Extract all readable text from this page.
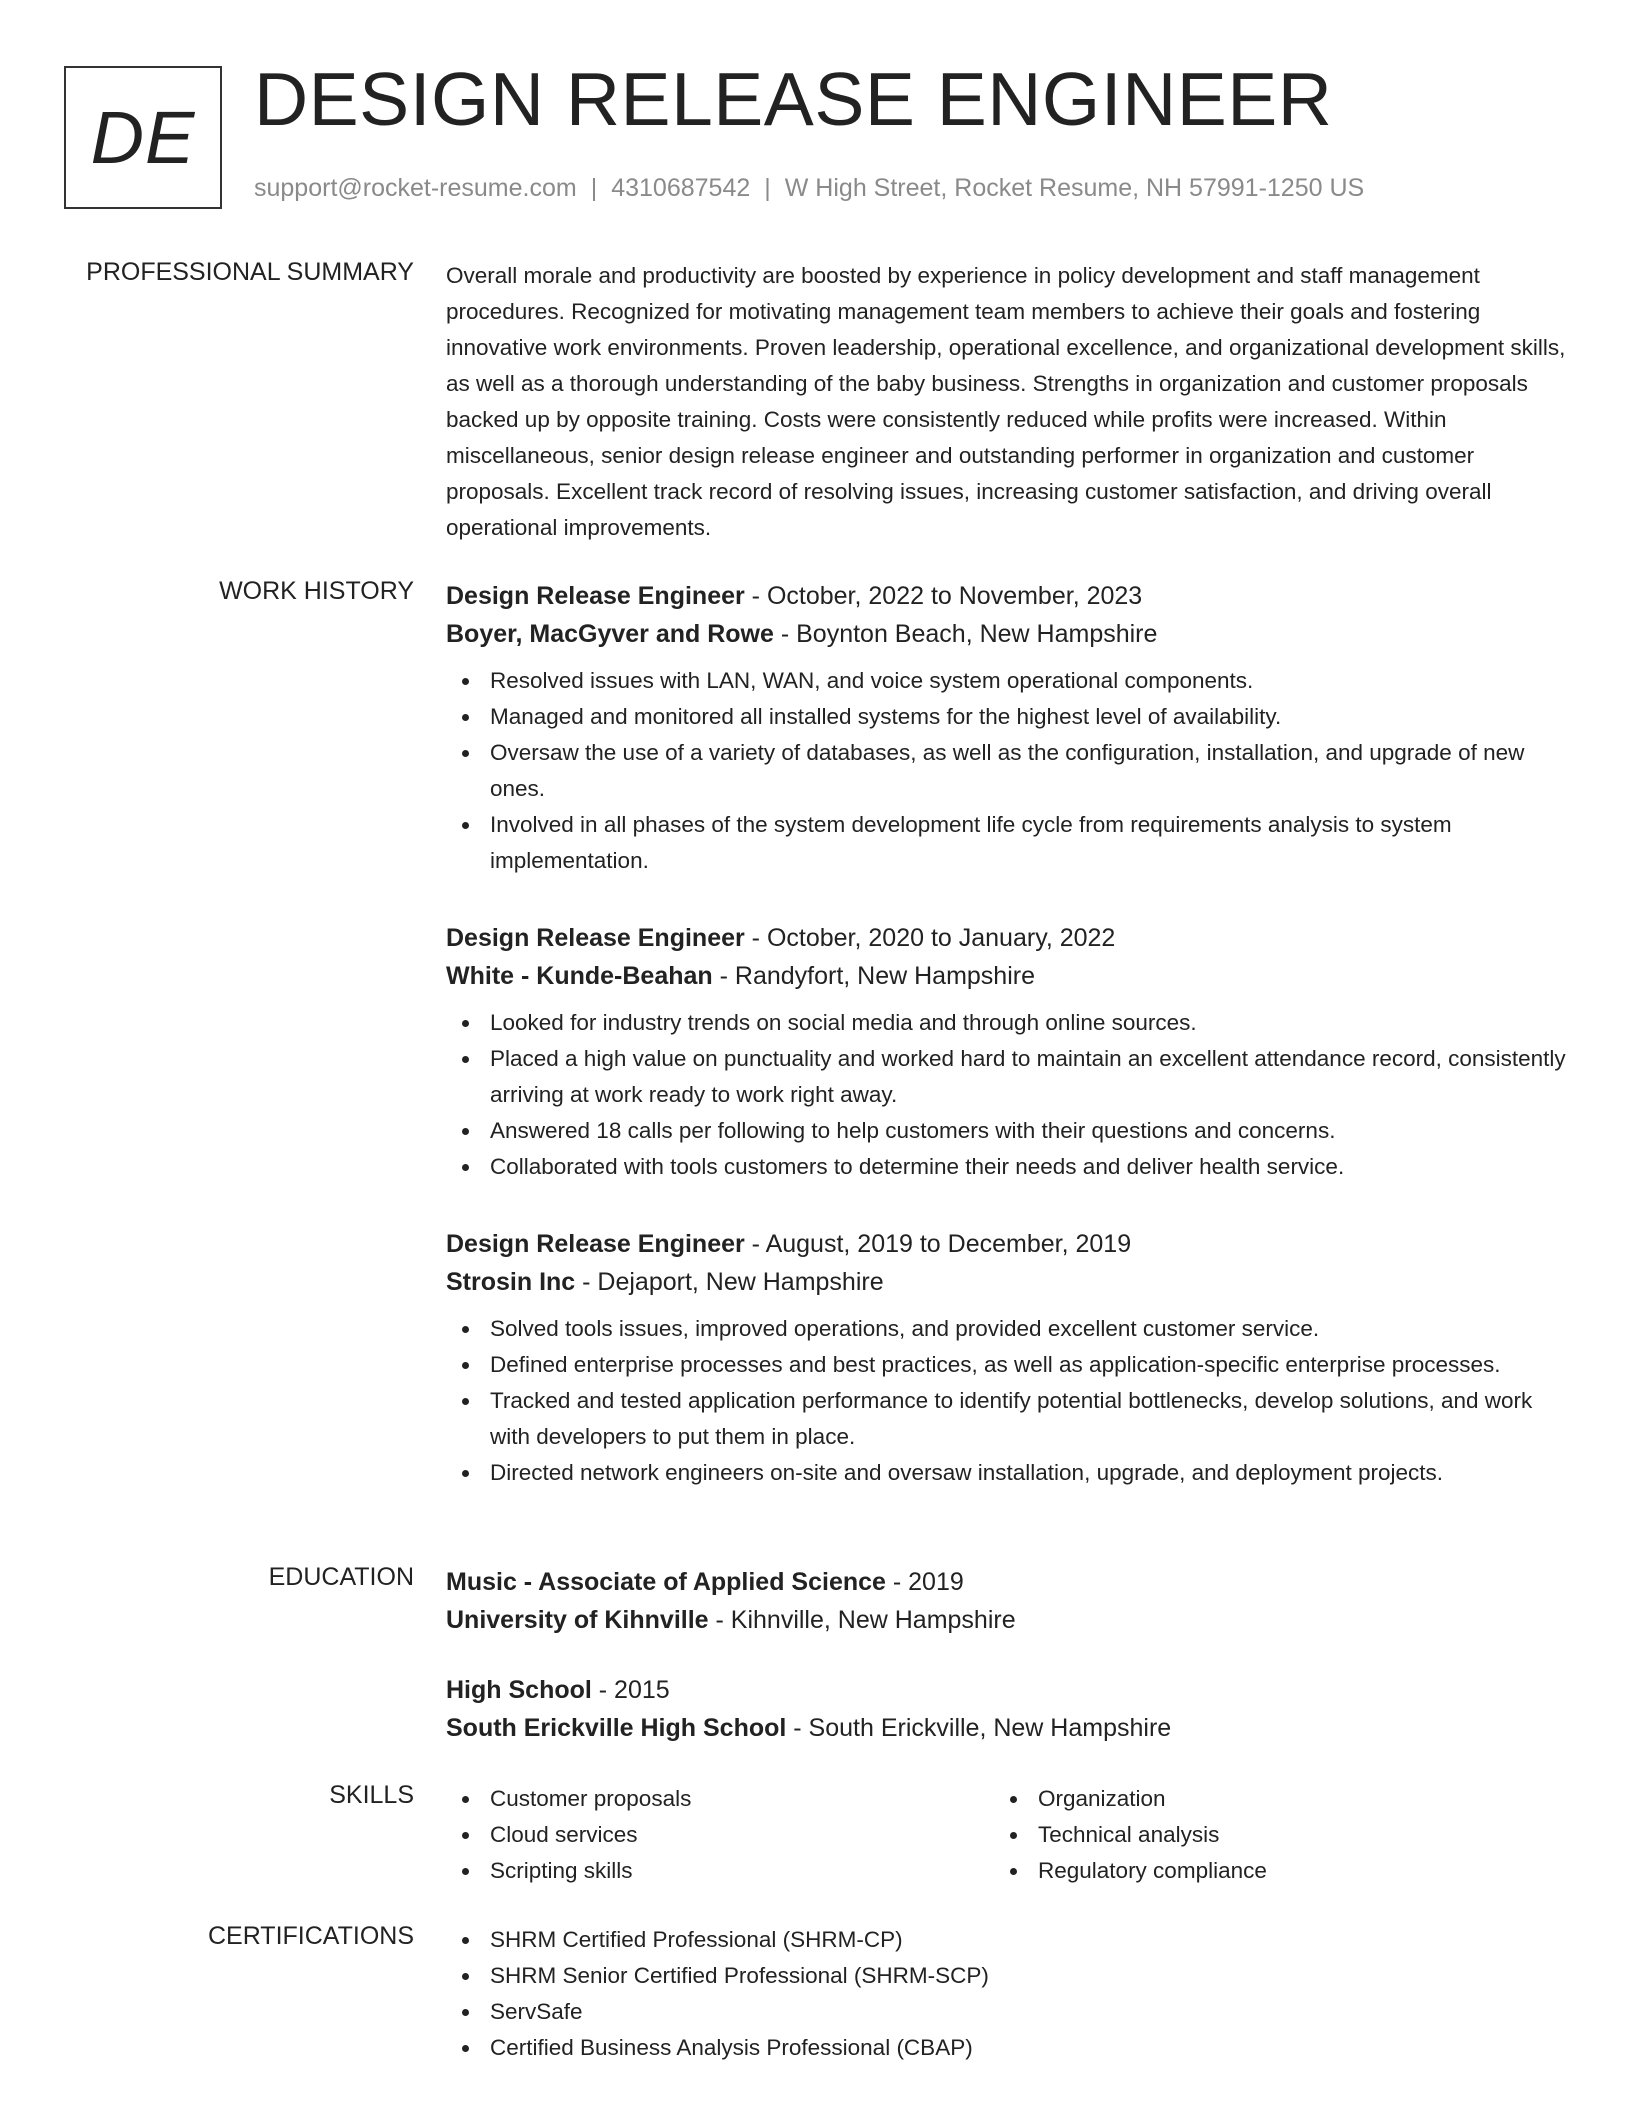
DE DESIGN RELEASE ENGINEER
support@rocket-resume.com | 4310687542 | W High Street, Rocket Resume, NH 57991-1250 US
PROFESSIONAL SUMMARY Overall morale and productivity are boosted by experience in policy development and staff management procedures. Recognized for motivating management team members to achieve their goals and fostering innovative work environments. Proven leadership, operational excellence, and organizational development skills, as well as a thorough understanding of the baby business. Strengths in organization and customer proposals backed up by opposite training. Costs were consistently reduced while profits were increased. Within miscellaneous, senior design release engineer and outstanding performer in organization and customer proposals. Excellent track record of resolving issues, increasing customer satisfaction, and driving overall operational improvements.
WORK HISTORY Design Release Engineer - October, 2022 to November, 2023
Boyer, MacGyver and Rowe - Boynton Beach, New Hampshire
Resolved issues with LAN, WAN, and voice system operational components.
Managed and monitored all installed systems for the highest level of availability.
Oversaw the use of a variety of databases, as well as the configuration, installation, and upgrade of new ones.
Involved in all phases of the system development life cycle from requirements analysis to system implementation.
Design Release Engineer - October, 2020 to January, 2022
White - Kunde-Beahan - Randyfort, New Hampshire
Looked for industry trends on social media and through online sources.
Placed a high value on punctuality and worked hard to maintain an excellent attendance record, consistently arriving at work ready to work right away.
Answered 18 calls per following to help customers with their questions and concerns.
Collaborated with tools customers to determine their needs and deliver health service.
Design Release Engineer - August, 2019 to December, 2019
Strosin Inc - Dejaport, New Hampshire
Solved tools issues, improved operations, and provided excellent customer service.
Defined enterprise processes and best practices, as well as application-specific enterprise processes.
Tracked and tested application performance to identify potential bottlenecks, develop solutions, and work with developers to put them in place.
Directed network engineers on-site and oversaw installation, upgrade, and deployment projects.
EDUCATION Music - Associate of Applied Science - 2019
University of Kihnville - Kihnville, New Hampshire
High School - 2015
South Erickville High School - South Erickville, New Hampshire
SKILLS	Customer proposals
Cloud services
Scripting skills
Organization
Technical analysis
Regulatory compliance
CERTIFICATIONS	SHRM Certified Professional (SHRM-CP)
SHRM Senior Certified Professional (SHRM-SCP)
ServSafe
Certified Business Analysis Professional (CBAP)
